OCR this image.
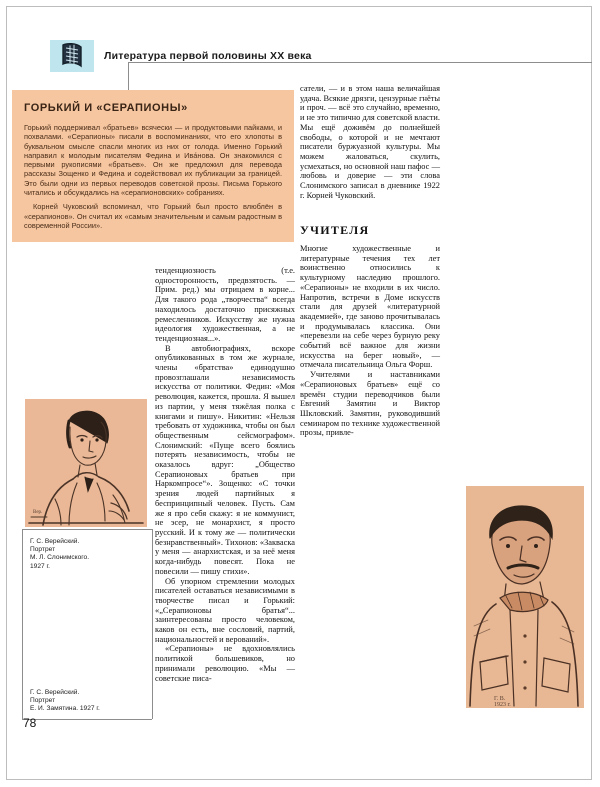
Литература первой половины XX века
ГОРЬКИЙ И «СЕРАПИОНЫ»

Горький поддерживал «братьев» всячески — и продуктовыми пайками, и похвалами. «Серапионы» писали в воспоминаниях, что его хлопоты в буквальном смысле спасли многих из них от голода. Именно Горький направил к молодым писателям Федина и Ива́нова. Он знакомился с первыми рукописями «братьев». Он же предложил для перевода рассказы Зощенко и Федина и содействовал их публикации за границей. Это были одни из первых переводов советской прозы. Письма Горького читались и обсуждались на «серапионовских» собраниях.

Корней Чуковский вспоминал, что Горький был просто влюблён в «серапионов». Он считал их «самым значительным и самым радостным в современной России».

тенденциозность (т.е. односторонность, предвзятость. — Прим. ред.) мы отрицаем в корне... Для такого рода „творчества“ всегда находилось достаточно присяжных ремесленников. Искусству же нужна идеология художественная, а не тенденциозная...».

В автобиографиях, вскоре опубликованных в том же журнале, члены «братства» единодушно провозглашали независимость искусства от политики. Федин: «Моя революция, кажется, прошла. Я вышел из партии, у меня тяжёлая полка с книгами и пишу». Никитин: «Нельзя требовать от художника, чтобы он был общественным сейсмографом». Слонимский: «Пуще всего боялись потерять независимость, чтобы не оказалось вдруг: „Общество Серапионовых братьев при Наркомпросе“». Зощенко: «С точки зрения людей партийных я беспринципный человек. Пусть. Сам же я про себя скажу: я не коммунист, не эсер, не монархист, я просто русский. И к тому же — политически безнравственный». Тихонов: «Закваска у меня — анархистская, и за неё меня когда-нибудь повесят. Пока не повесили — пишу стихи».

Об упорном стремлении молодых писателей оставаться независимыми в творчестве писал и Горький: «„Серапионовы братья“... заинтересованы просто человеком, каков он есть, вне сословий, партий, национальностей и верований».

«Серапионы» не вдохновлялись политикой большевиков, но принимали революцию. «Мы — советские писа-

сатели, — и в этом наша величайшая удача. Всякие дрязги, цензурные гнёты и проч. — всё это случайно, временно, и не это типично для советской власти. Мы ещё доживём до полнейшей свободы, о которой и не мечтают писатели буржуазной культуры. Мы можем жаловаться, скулить, усмехаться, но основной наш пафос — любовь и доверие — эти слова Слонимского записал в дневнике 1922 г. Корней Чуковский.

УЧИТЕЛЯ

Многие художественные и литературные течения тех лет воинственно относились к культурному наследию прошлого. «Серапионы» не входили в их число. Напротив, встречи в Доме искусств стали для друзей «литературной академией», где заново прочитывалась и продумывалась классика. Они «перевезли на себе через бурную реку событий всё важное для жизни искусства на берег новый», — отмечала писательница Ольга Форш.

Учителями и наставниками «Серапионовых братьев» ещё со времён студии переводчиков были Евгений Замятин и Виктор Шкловский. Замятин, руководивший семинаром по технике художественной прозы, привле-

Вер.
Г. С. Верейский.
Портрет
М. Л. Слонимского.
1927 г.
Г. С. Верейский.
Портрет
Е. И. Замятина. 1927 г.
Г. В.
1923 г.
78
